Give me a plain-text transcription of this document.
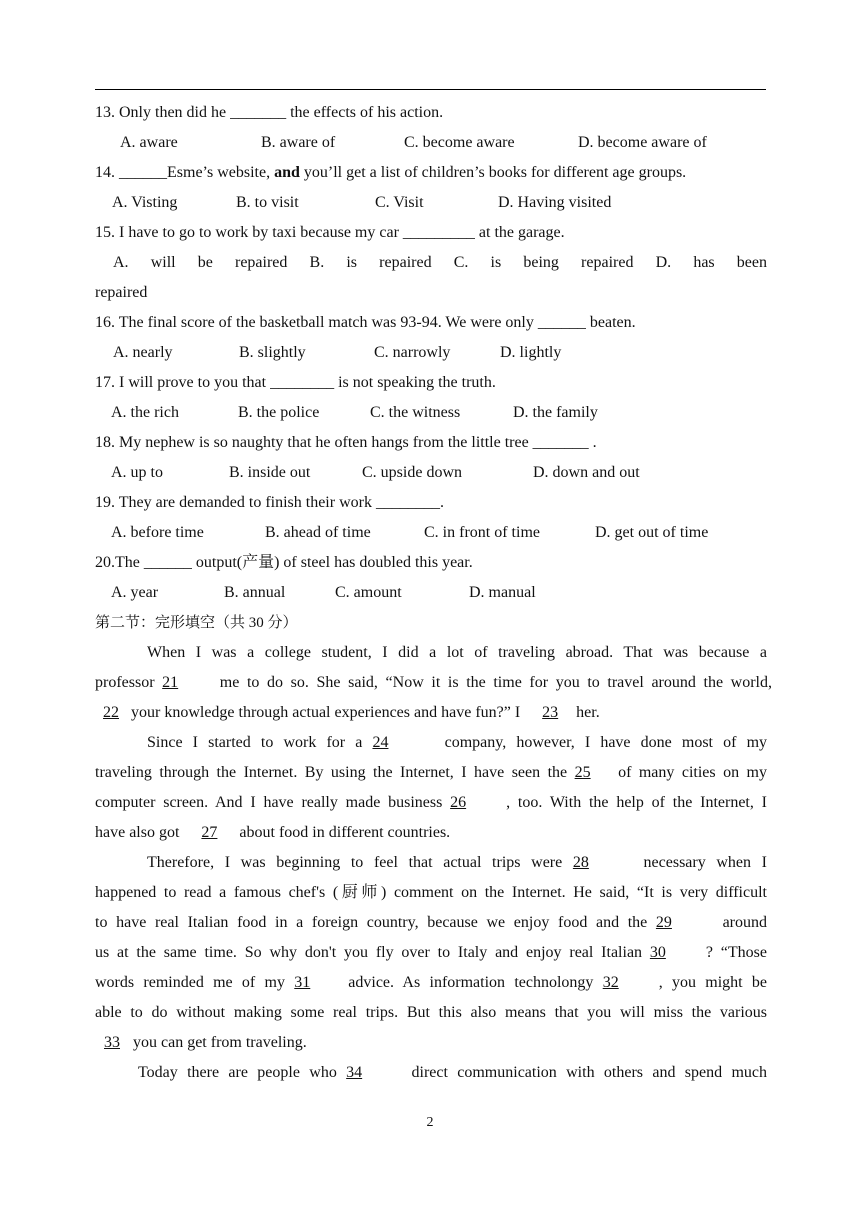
13. Only then did he _______ the effects of his action.
A. aware	B. aware of	C. become aware	D. become aware of
14. ______Esme’s website, and you’ll get a list of children’s books for different age groups.
A. Visting	B. to visit	C. Visit	D. Having visited
15. I have to go to work by taxi because my car _________ at the garage.
A. will be repaired B. is repaired C. is being repaired D. has been
repaired
16. The final score of the basketball match was 93-94. We were only ______ beaten.
A. nearly	B. slightly	C. narrowly	D. lightly
17. I will prove to you that ________ is not speaking the truth.
A. the rich	B. the police	C. the witness	D. the family
18. My nephew is so naughty that he often hangs from the little tree _______ .
A. up to	B. inside out	C. upside down	D. down and out
19. They are demanded to finish their work ________.
A. before time	B. ahead of time	C. in front of time	D. get out of time
20.The ______ output(产量) of steel has doubled this year.
A. year	B. annual	C. amount	D. manual
第二节：完形填空（共 30 分）
When I was a college student, I did a lot of traveling abroad. That was because a
professor 21 me to do so. She said, “Now it is the time for you to travel around the world,
22 your knowledge through actual experiences and have fun?” I 23 her.
Since I started to work for a 24	company, however, I have done most of my
traveling through the Internet. By using the Internet, I have seen the 25 of many cities on my
computer screen. And I have really made business 26	, too. With the help of the Internet, I
have also got 27 about food in different countries.
Therefore, I was beginning to feel that actual trips were 28	necessary when I
happened to read a famous chef's (厨师) comment on the Internet. He said, “It is very difficult
to have real Italian food in a foreign country, because we enjoy food and the 29	around
us at the same time. So why don't you fly over to Italy and enjoy real Italian 30	? “Those
words reminded me of my 31 advice. As information technolongy 32	, you might be
able to do without making some real trips. But this also means that you will miss the various
33 you can get from traveling.
Today there are people who 34	direct communication with others and spend much
2
